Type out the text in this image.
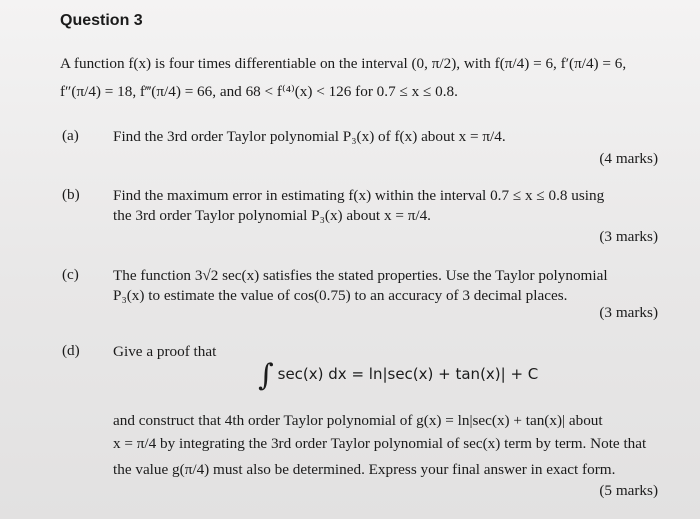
Question 3
A function f(x) is four times differentiable on the interval (0, π/2), with f(π/4) = 6, f′(π/4) = 6,
f″(π/4) = 18, f‴(π/4) = 66, and 68 < f⁽⁴⁾(x) < 126 for 0.7 ≤ x ≤ 0.8.
(a) Find the 3rd order Taylor polynomial P₃(x) of f(x) about x = π/4.
(4 marks)
(b) Find the maximum error in estimating f(x) within the interval 0.7 ≤ x ≤ 0.8 using
the 3rd order Taylor polynomial P₃(x) about x = π/4.
(3 marks)
(c) The function 3√2 sec(x) satisfies the stated properties. Use the Taylor polynomial
P₃(x) to estimate the value of cos(0.75) to an accuracy of 3 decimal places.
(3 marks)
(d) Give a proof that
∫ sec(x) dx = ln|sec(x) + tan(x)| + C
and construct that 4th order Taylor polynomial of g(x) = ln|sec(x) + tan(x)| about
x = π/4 by integrating the 3rd order Taylor polynomial of sec(x) term by term. Note that
the value g(π/4) must also be determined. Express your final answer in exact form.
(5 marks)
